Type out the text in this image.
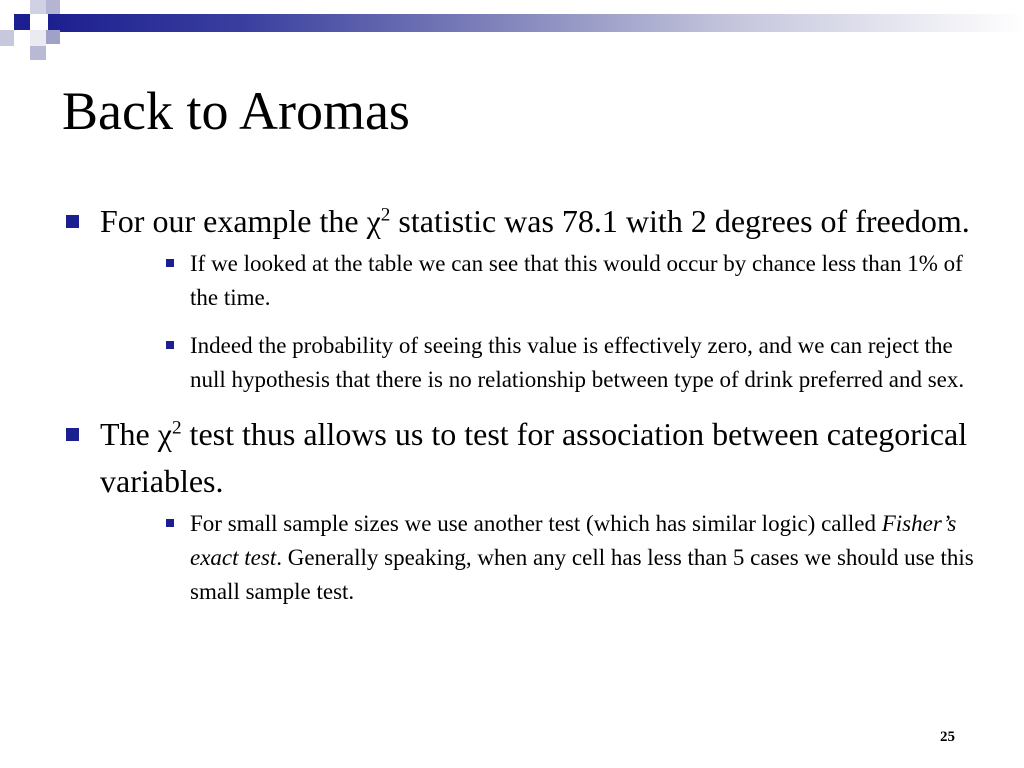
Back to Aromas
For our example the $\chi^2$ statistic was 78.1 with 2 degrees of freedom.
If we looked at the table we can see that this would occur by chance less than 1% of the time.
Indeed the probability of seeing this value is effectively zero, and we can reject the null hypothesis that there is no relationship between type of drink preferred and sex.
The $\chi^2$ test thus allows us to test for association between categorical variables.
For small sample sizes we use another test (which has similar logic) called Fisher’s exact test. Generally speaking, when any cell has less than 5 cases we should use this small sample test.
25
